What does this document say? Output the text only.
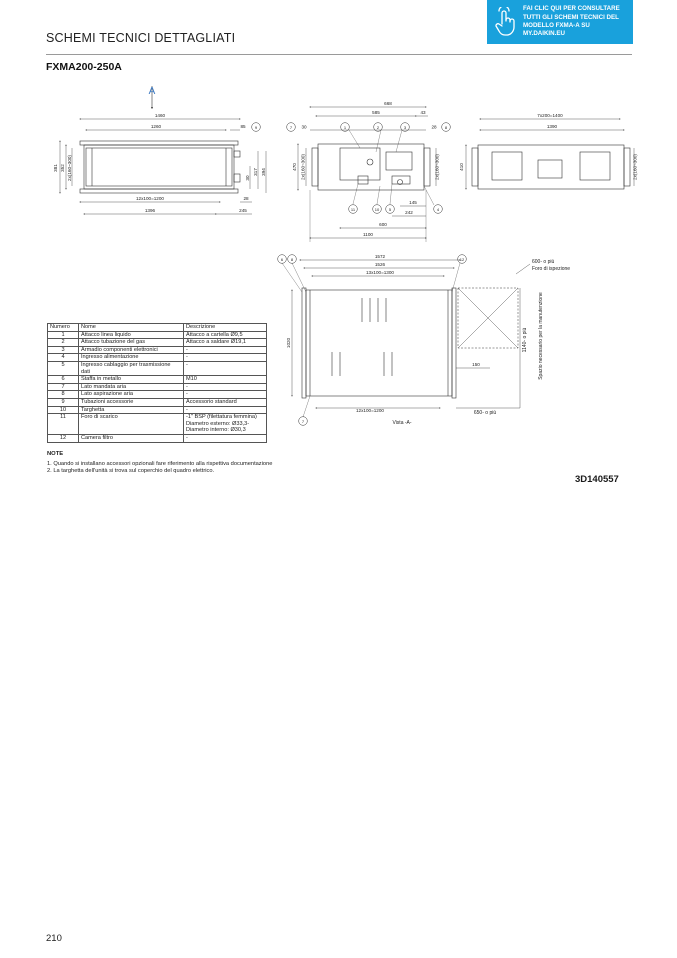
SCHEMI TECNICI DETTAGLIATI
FAI CLIC QUI PER CONSULTARE
TUTTI GLI SCHEMI TECNICI DEL
MODELLO FXMA-A SU MY.DAIKIN.EU
FXMA200-250A
A
1460
1260	85 9
12x100=1200
1396
28
245
381 352 2x(160~300)	30
317 394
668
585	43
30	28
7	1	2	3	8
11	10 5	4
145
242
600
1100
470 2x(160~300)	2x(160~300)
7x200=1400
1390
410	2x(160~300)
6 8	12
7
1572
1526
13x100=1300
1020
12x100=1200
150
600- o più
Foro di ispezione
1140- o più Spazio necessario per la manutenzione
650- o più
Vista -A-
Numero	Nome	Descrizione
1	Attacco linea liquido	Attacco a cartella Ø9,5
2	Attacco tubazione del gas	Attacco a saldare Ø19,1
3	Armadio componenti elettronici	-
4	Ingresso alimentazione	-
5	Ingresso cablaggio per trasmissione dati	-
6	Staffa in metallo	M10
7	Lato mandata aria	-
8	Lato aspirazione aria	-
9	Tubazioni accessorie	Accessorio standard
10	Targhetta	-
11	Foro di scarico	-1" BSP (filettatura femmina)
Diametro esterno: Ø33,3-
Diametro interno: Ø30,3

12	Camera filtro	-
NOTE
1. Quando si installano accessori opzionali fare riferimento alla rispettiva documentazione
2. La targhetta dell'unità si trova sul coperchio del quadro elettrico.
3D140557
210
